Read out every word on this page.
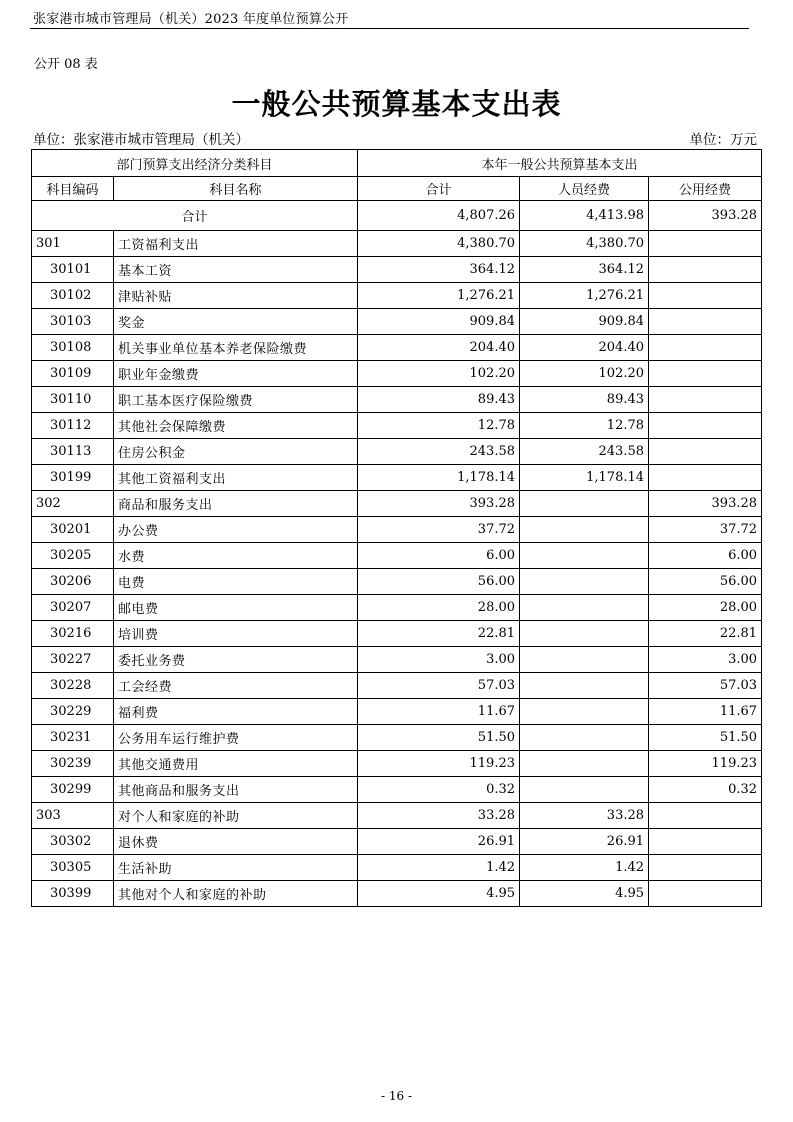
张家港市城市管理局（机关）2023 年度单位预算公开
公开 08 表
一般公共预算基本支出表
单位：张家港市城市管理局（机关）	单位：万元
部门预算支出经济分类科目		本年一般公共预算基本支出		
科目编码	科目名称	合计	人员经费	公用经费
合计		4,807.26	4,413.98	393.28
301	工资福利支出	4,380.70	4,380.70	
30101	基本工资	364.12	364.12	
30102	津贴补贴	1,276.21	1,276.21	
30103	奖金	909.84	909.84	
30108	机关事业单位基本养老保险缴费	204.40	204.40	
30109	职业年金缴费	102.20	102.20	
30110	职工基本医疗保险缴费	89.43	89.43	
30112	其他社会保障缴费	12.78	12.78	
30113	住房公积金	243.58	243.58	
30199	其他工资福利支出	1,178.14	1,178.14	
302	商品和服务支出	393.28		393.28
30201	办公费	37.72		37.72
30205	水费	6.00		6.00
30206	电费	56.00		56.00
30207	邮电费	28.00		28.00
30216	培训费	22.81		22.81
30227	委托业务费	3.00		3.00
30228	工会经费	57.03		57.03
30229	福利费	11.67		11.67
30231	公务用车运行维护费	51.50		51.50
30239	其他交通费用	119.23		119.23
30299	其他商品和服务支出	0.32		0.32
303	对个人和家庭的补助	33.28	33.28	
30302	退休费	26.91	26.91	
30305	生活补助	1.42	1.42	
30399	其他对个人和家庭的补助	4.95	4.95	
- 16 -
